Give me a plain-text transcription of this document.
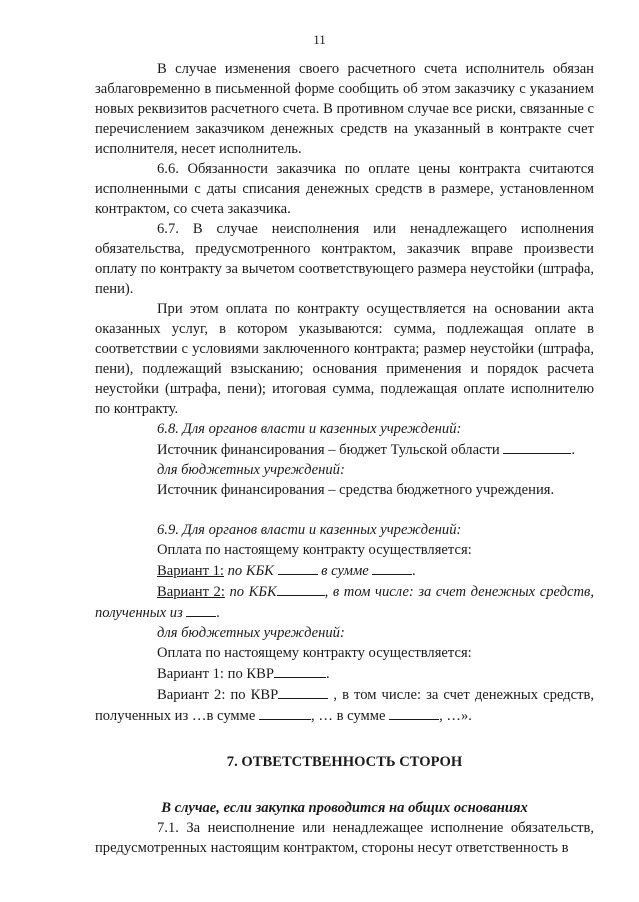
11

В случае изменения своего расчетного счета исполнитель обязан заблаговременно в письменной форме сообщить об этом заказчику с указанием новых реквизитов расчетного счета. В противном случае все риски, связанные с перечислением заказчиком денежных средств на указанный в контракте счет исполнителя, несет исполнитель.

6.6. Обязанности заказчика по оплате цены контракта считаются исполненными с даты списания денежных средств в размере, установленном контрактом, со счета заказчика.

6.7. В случае неисполнения или ненадлежащего исполнения обязательства, предусмотренного контрактом, заказчик вправе произвести оплату по контракту за вычетом соответствующего размера неустойки (штрафа, пени).

При этом оплата по контракту осуществляется на основании акта оказанных услуг, в котором указываются: сумма, подлежащая оплате в соответствии с условиями заключенного контракта; размер неустойки (штрафа, пени), подлежащий взысканию; основания применения и порядок расчета неустойки (штрафа, пени); итоговая сумма, подлежащая оплате исполнителю по контракту.

6.8. Для органов власти и казенных учреждений:

Источник финансирования – бюджет Тульской области	.

для бюджетных учреждений:

Источник финансирования – средства бюджетного учреждения.

6.9. Для органов власти и казенных учреждений:

Оплата по настоящему контракту осуществляется:

Вариант 1: по КБК	в сумме	.

Вариант 2: по КБК	, в том числе: за счет денежных средств, полученных из .

для бюджетных учреждений:

Оплата по настоящему контракту осуществляется:

Вариант 1: по КВР	.

Вариант 2: по КВР	, в том числе: за счет денежных средств, полученных из …в сумме	, … в сумме	, …».

7. ОТВЕТСТВЕННОСТЬ СТОРОН

В случае, если закупка проводится на общих основаниях

7.1. За неисполнение или ненадлежащее исполнение обязательств, предусмотренных настоящим контрактом, стороны несут ответственность в
